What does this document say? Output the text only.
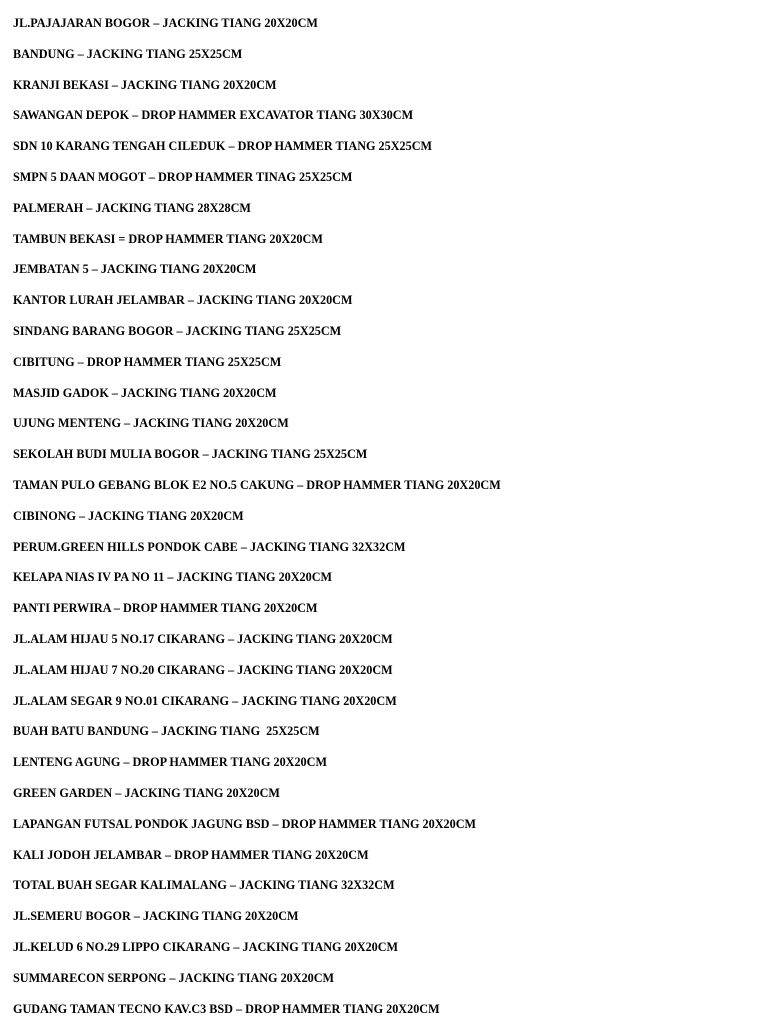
JL.PAJAJARAN BOGOR – JACKING TIANG 20X20CM
BANDUNG – JACKING TIANG 25X25CM
KRANJI BEKASI – JACKING TIANG 20X20CM
SAWANGAN DEPOK – DROP HAMMER EXCAVATOR TIANG 30X30CM
SDN 10 KARANG TENGAH CILEDUK – DROP HAMMER TIANG 25X25CM
SMPN 5 DAAN MOGOT – DROP HAMMER TINAG 25X25CM
PALMERAH – JACKING TIANG 28X28CM
TAMBUN BEKASI = DROP HAMMER TIANG 20X20CM
JEMBATAN 5 – JACKING TIANG 20X20CM
KANTOR LURAH JELAMBAR – JACKING TIANG 20X20CM
SINDANG BARANG BOGOR – JACKING TIANG 25X25CM
CIBITUNG – DROP HAMMER TIANG 25X25CM
MASJID GADOK – JACKING TIANG 20X20CM
UJUNG MENTENG – JACKING TIANG 20X20CM
SEKOLAH BUDI MULIA BOGOR – JACKING TIANG 25X25CM
TAMAN PULO GEBANG BLOK E2 NO.5 CAKUNG – DROP HAMMER TIANG 20X20CM
CIBINONG – JACKING TIANG 20X20CM
PERUM.GREEN HILLS PONDOK CABE – JACKING TIANG 32X32CM
KELAPA NIAS IV PA NO 11 – JACKING TIANG 20X20CM
PANTI PERWIRA – DROP HAMMER TIANG 20X20CM
JL.ALAM HIJAU 5 NO.17 CIKARANG – JACKING TIANG 20X20CM
JL.ALAM HIJAU 7 NO.20 CIKARANG – JACKING TIANG 20X20CM
JL.ALAM SEGAR 9 NO.01 CIKARANG – JACKING TIANG 20X20CM
BUAH BATU BANDUNG – JACKING TIANG  25X25CM
LENTENG AGUNG – DROP HAMMER TIANG 20X20CM
GREEN GARDEN – JACKING TIANG 20X20CM
LAPANGAN FUTSAL PONDOK JAGUNG BSD – DROP HAMMER TIANG 20X20CM
KALI JODOH JELAMBAR – DROP HAMMER TIANG 20X20CM
TOTAL BUAH SEGAR KALIMALANG – JACKING TIANG 32X32CM
JL.SEMERU BOGOR – JACKING TIANG 20X20CM
JL.KELUD 6 NO.29 LIPPO CIKARANG – JACKING TIANG 20X20CM
SUMMARECON SERPONG – JACKING TIANG 20X20CM
GUDANG TAMAN TECNO KAV.C3 BSD – DROP HAMMER TIANG 20X20CM
